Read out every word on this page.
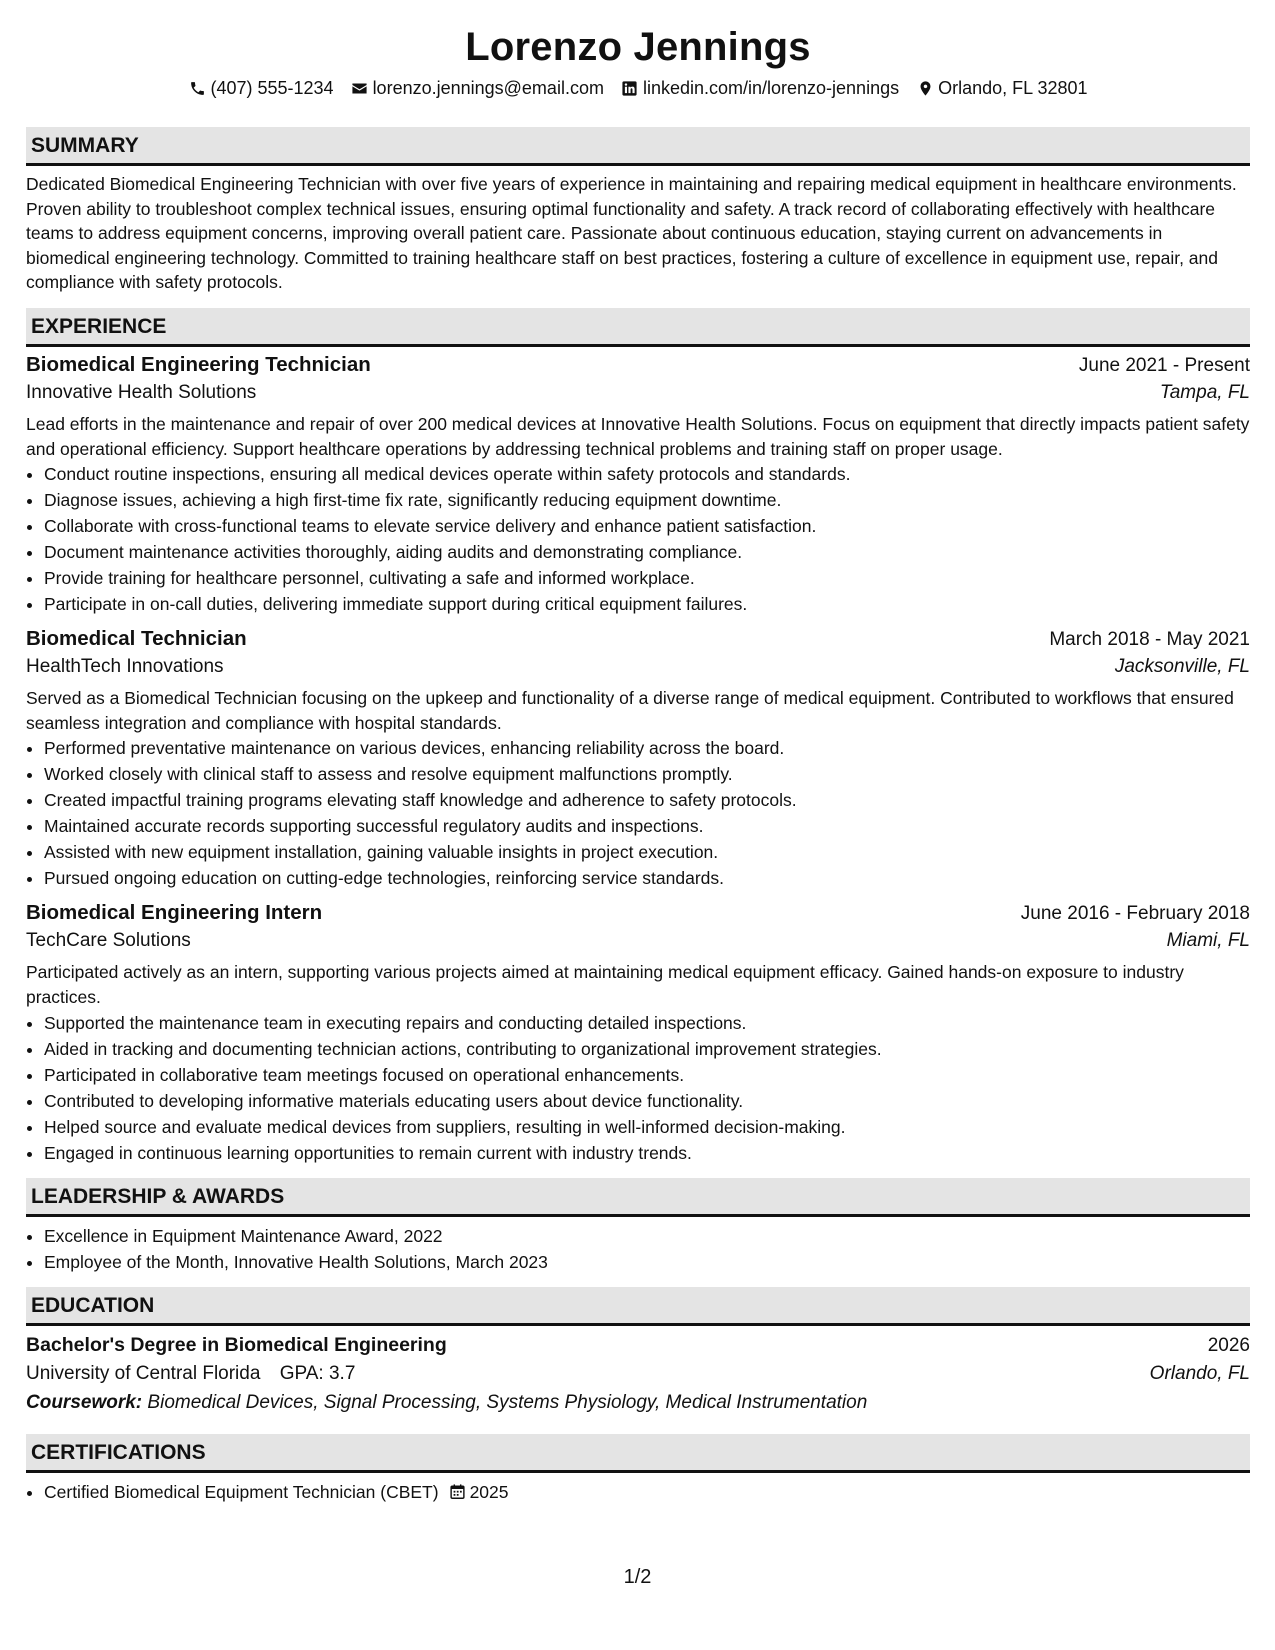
Lorenzo Jennings
(407) 555-1234 lorenzo.jennings@email.com linkedin.com/in/lorenzo-jennings Orlando, FL 32801
SUMMARY

Dedicated Biomedical Engineering Technician with over five years of experience in maintaining and repairing medical equipment in healthcare environments. Proven ability to troubleshoot complex technical issues, ensuring optimal functionality and safety. A track record of collaborating effectively with healthcare teams to address equipment concerns, improving overall patient care. Passionate about continuous education, staying current on advancements in biomedical engineering technology. Committed to training healthcare staff on best practices, fostering a culture of excellence in equipment use, repair, and compliance with safety protocols.

EXPERIENCE
Biomedical Engineering Technician	June 2021 - Present
Innovative Health Solutions	Tampa, FL

Lead efforts in the maintenance and repair of over 200 medical devices at Innovative Health Solutions. Focus on equipment that directly impacts patient safety and operational efficiency. Support healthcare operations by addressing technical problems and training staff on proper usage.

• Conduct routine inspections, ensuring all medical devices operate within safety protocols and standards.
• Diagnose issues, achieving a high first-time fix rate, significantly reducing equipment downtime.
• Collaborate with cross-functional teams to elevate service delivery and enhance patient satisfaction.
• Document maintenance activities thoroughly, aiding audits and demonstrating compliance.
• Provide training for healthcare personnel, cultivating a safe and informed workplace.
• Participate in on-call duties, delivering immediate support during critical equipment failures.
Biomedical Technician	March 2018 - May 2021
HealthTech Innovations	Jacksonville, FL

Served as a Biomedical Technician focusing on the upkeep and functionality of a diverse range of medical equipment. Contributed to workflows that ensured seamless integration and compliance with hospital standards.

• Performed preventative maintenance on various devices, enhancing reliability across the board.
• Worked closely with clinical staff to assess and resolve equipment malfunctions promptly.
• Created impactful training programs elevating staff knowledge and adherence to safety protocols.
• Maintained accurate records supporting successful regulatory audits and inspections.
• Assisted with new equipment installation, gaining valuable insights in project execution.
• Pursued ongoing education on cutting-edge technologies, reinforcing service standards.
Biomedical Engineering Intern	June 2016 - February 2018
TechCare Solutions	Miami, FL

Participated actively as an intern, supporting various projects aimed at maintaining medical equipment efficacy. Gained hands-on exposure to industry practices.

• Supported the maintenance team in executing repairs and conducting detailed inspections.
• Aided in tracking and documenting technician actions, contributing to organizational improvement strategies.
• Participated in collaborative team meetings focused on operational enhancements.
• Contributed to developing informative materials educating users about device functionality.
• Helped source and evaluate medical devices from suppliers, resulting in well-informed decision-making.
• Engaged in continuous learning opportunities to remain current with industry trends.
LEADERSHIP & AWARDS
• Excellence in Equipment Maintenance Award, 2022
• Employee of the Month, Innovative Health Solutions, March 2023
EDUCATION
Bachelor's Degree in Biomedical Engineering	2026
University of Central Florida GPA: 3.7	Orlando, FL
Coursework: Biomedical Devices, Signal Processing, Systems Physiology, Medical Instrumentation
CERTIFICATIONS
• Certified Biomedical Equipment Technician (CBET) 2025
1/2
